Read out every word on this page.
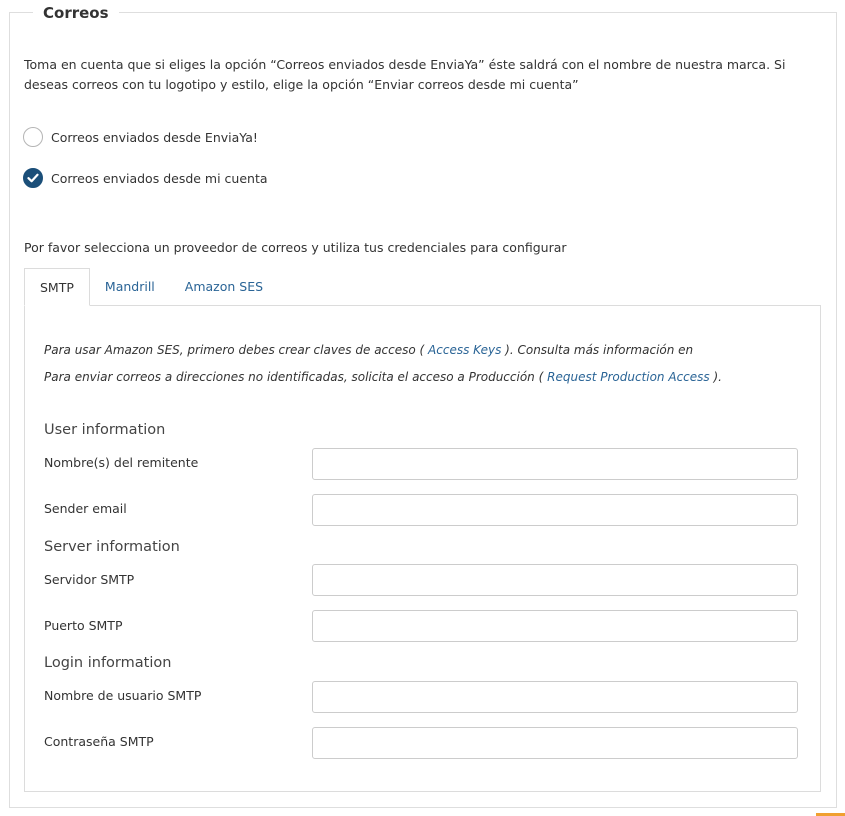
Correos
Toma en cuenta que si eliges la opción “Correos enviados desde EnviaYa” éste saldrá con el nombre de nuestra marca. Si deseas correos con tu logotipo y estilo, elige la opción “Enviar correos desde mi cuenta”
Correos enviados desde EnviaYa!
Correos enviados desde mi cuenta
Por favor selecciona un proveedor de correos y utiliza tus credenciales para configurar
SMTP	Mandrill	Amazon SES
Para usar Amazon SES, primero debes crear claves de acceso ( Access Keys ). Consulta más información en
Para enviar correos a direcciones no identificadas, solicita el acceso a Producción ( Request Production Access ).
User information
Nombre(s) del remitente
Sender email
Server information
Servidor SMTP
Puerto SMTP
Login information
Nombre de usuario SMTP
Contraseña SMTP
